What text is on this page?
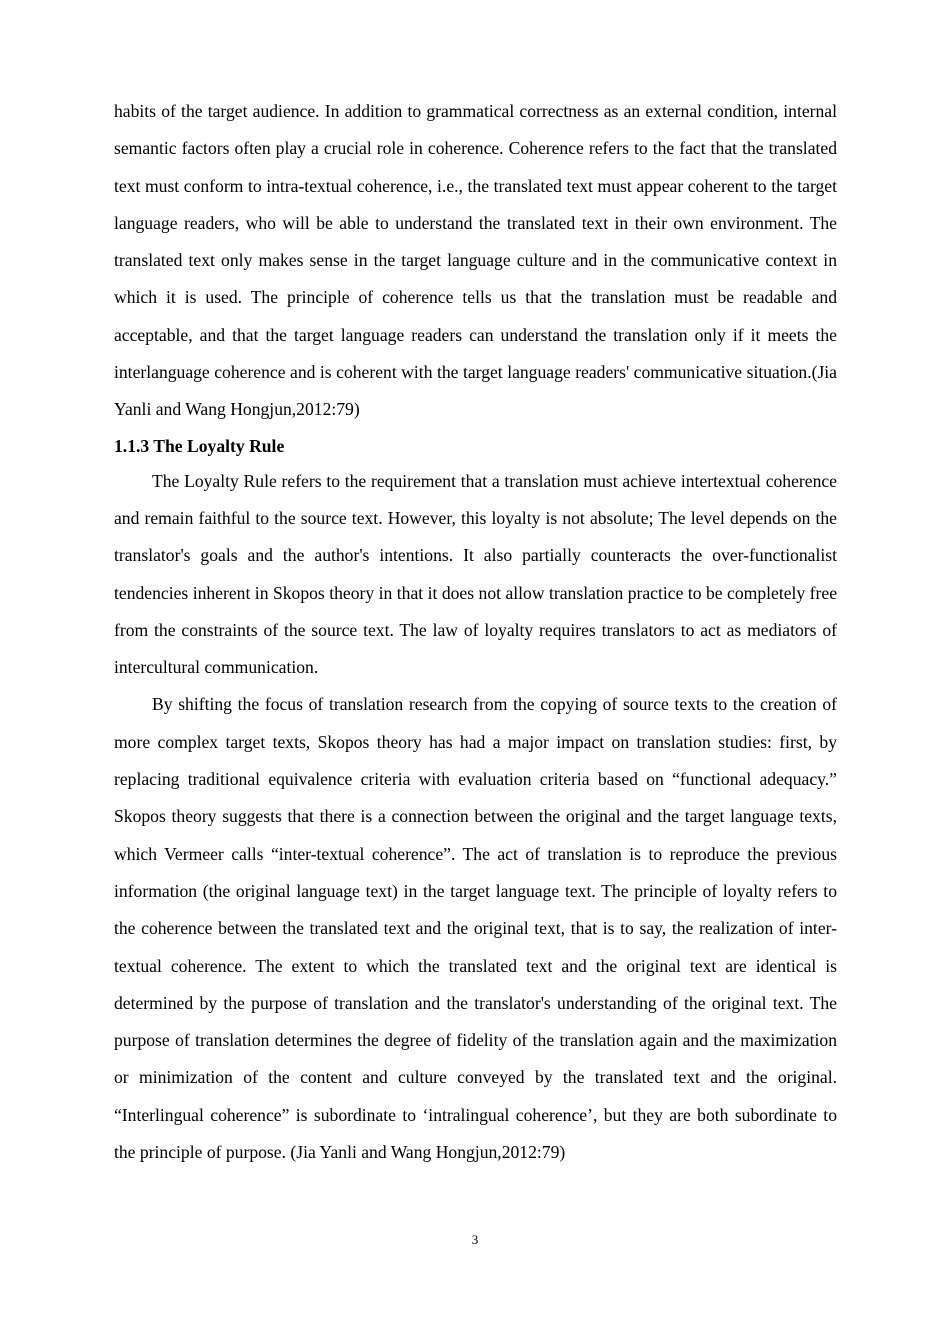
habits of the target audience. In addition to grammatical correctness as an external condition, internal semantic factors often play a crucial role in coherence. Coherence refers to the fact that the translated text must conform to intra-textual coherence, i.e., the translated text must appear coherent to the target language readers, who will be able to understand the translated text in their own environment. The translated text only makes sense in the target language culture and in the communicative context in which it is used. The principle of coherence tells us that the translation must be readable and acceptable, and that the target language readers can understand the translation only if it meets the interlanguage coherence and is coherent with the target language readers' communicative situation.(Jia Yanli and Wang Hongjun,2012:79)

1.1.3 The Loyalty Rule

The Loyalty Rule refers to the requirement that a translation must achieve intertextual coherence and remain faithful to the source text. However, this loyalty is not absolute; The level depends on the translator's goals and the author's intentions. It also partially counteracts the over-functionalist tendencies inherent in Skopos theory in that it does not allow translation practice to be completely free from the constraints of the source text. The law of loyalty requires translators to act as mediators of intercultural communication.

By shifting the focus of translation research from the copying of source texts to the creation of more complex target texts, Skopos theory has had a major impact on translation studies: first, by replacing traditional equivalence criteria with evaluation criteria based on “functional adequacy.” Skopos theory suggests that there is a connection between the original and the target language texts, which Vermeer calls “inter-textual coherence”. The act of translation is to reproduce the previous information (the original language text) in the target language text. The principle of loyalty refers to the coherence between the translated text and the original text, that is to say, the realization of inter-textual coherence. The extent to which the translated text and the original text are identical is determined by the purpose of translation and the translator's understanding of the original text. The purpose of translation determines the degree of fidelity of the translation again and the maximization or minimization of the content and culture conveyed by the translated text and the original. “Interlingual coherence” is subordinate to ‘intralingual coherence’, but they are both subordinate to the principle of purpose. (Jia Yanli and Wang Hongjun,2012:79)

3
